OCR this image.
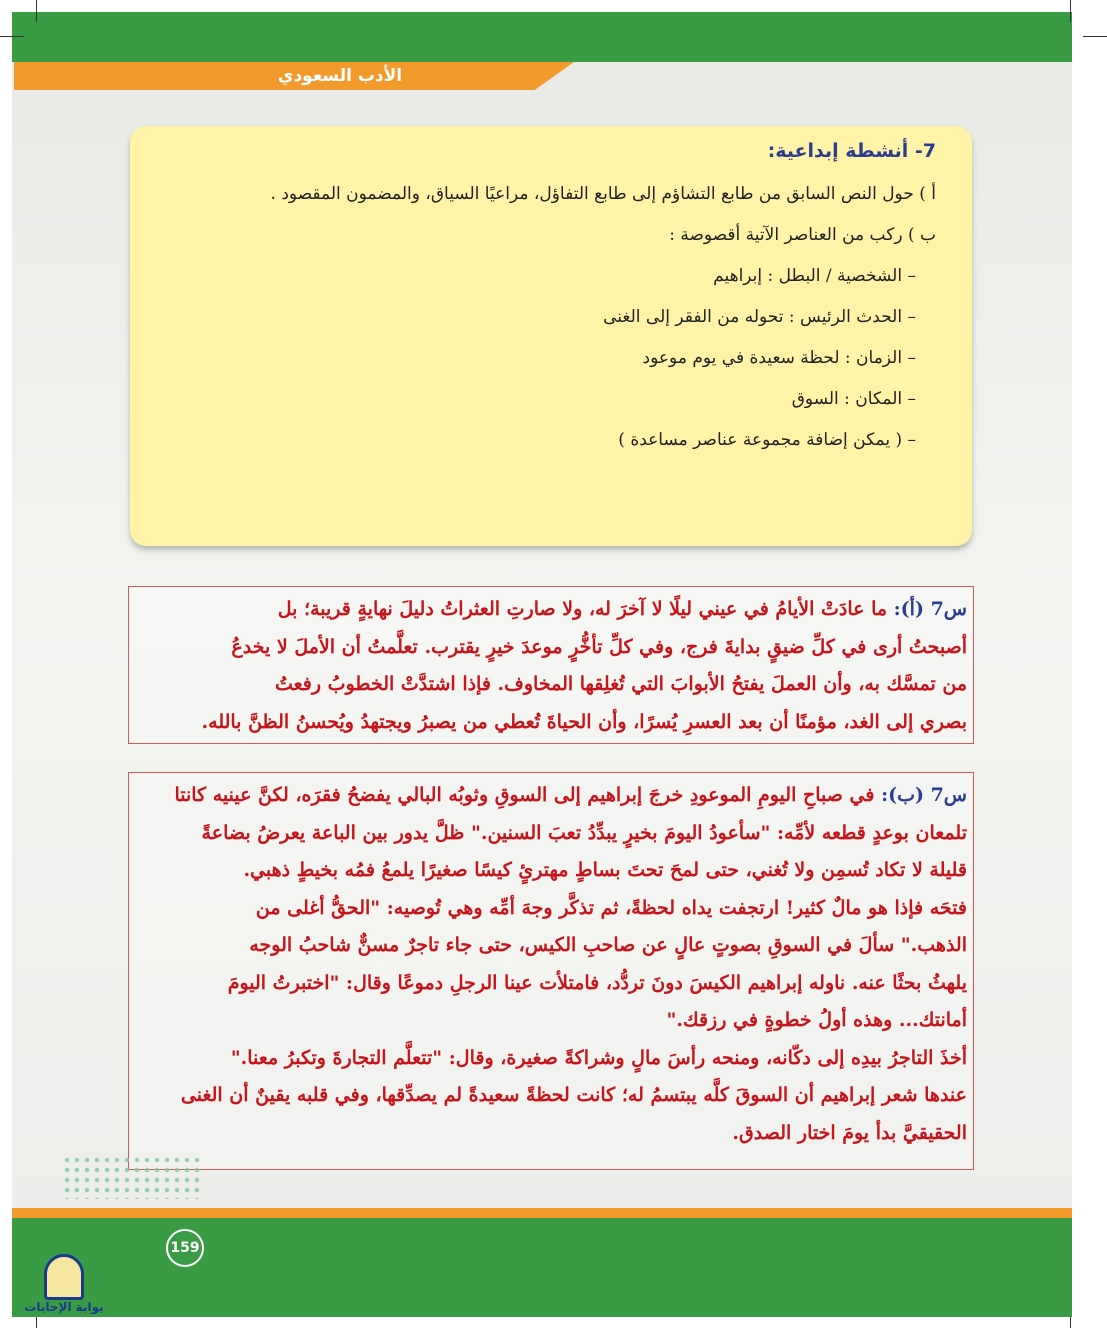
الأدب السعودي

7- أنشطة إبداعية:

أ ) حول النص السابق من طابع التشاؤم إلى طابع التفاؤل، مراعيًا السياق، والمضمون المقصود .

ب ) ركب من العناصر الآتية أقصوصة :

– الشخصية / البطل : إبراهيم

– الحدث الرئيس : تحوله من الفقر إلى الغنى

– الزمان : لحظة سعيدة في يوم موعود

– المكان : السوق

– ( يمكن إضافة مجموعة عناصر مساعدة )

س7 (أ): ما عادَتْ الأيامُ في عيني ليلًا لا آخرَ له، ولا صارتِ العثراتُ دليلَ نهايةٍ قريبة؛ بل

أصبحتُ أرى في كلِّ ضيقٍ بدايةَ فرج، وفي كلِّ تأخُّرٍ موعدَ خيرٍ يقترب. تعلَّمتُ أن الأملَ لا يخدعُ

من تمسَّك به، وأن العملَ يفتحُ الأبوابَ التي تُغلِقها المخاوف. فإذا اشتدَّتْ الخطوبُ رفعتُ

بصري إلى الغد، مؤمنًا أن بعد العسرِ يُسرًا، وأن الحياةَ تُعطي من يصبرُ ويجتهدُ ويُحسنُ الظنَّ بالله.

س7 (ب): في صباحِ اليومِ الموعودِ خرجَ إبراهيم إلى السوقِ وثوبُه البالي يفضحُ فقرَه، لكنَّ عينيه كانتا

تلمعان بوعدٍ قطعه لأمِّه: "سأعودُ اليومَ بخيرٍ يبدِّدُ تعبَ السنين." ظلَّ يدور بين الباعة يعرضُ بضاعةً

قليلة لا تكاد تُسمِن ولا تُغني، حتى لمحَ تحتَ بساطٍ مهترئٍ كيسًا صغيرًا يلمعُ فمُه بخيطٍ ذهبي.

فتحَه فإذا هو مالٌ كثير! ارتجفت يداه لحظةً، ثم تذكَّر وجهَ أمِّه وهي تُوصيه: "الحقُّ أغلى من

الذهب." سألَ في السوقِ بصوتٍ عالٍ عن صاحبِ الكيس، حتى جاء تاجرٌ مسنٌّ شاحبُ الوجه

يلهثُ بحثًا عنه. ناوله إبراهيم الكيسَ دونَ تردُّد، فامتلأت عينا الرجلِ دموعًا وقال: "اختبرتُ اليومَ

أمانتك... وهذه أولُ خطوةٍ في رزقك."

أخذَ التاجرُ بيدِه إلى دكّانه، ومنحه رأسَ مالٍ وشراكةً صغيرة، وقال: "تتعلَّم التجارةَ وتكبرُ معنا."

عندها شعر إبراهيم أن السوقَ كلَّه يبتسمُ له؛ كانت لحظةً سعيدةً لم يصدِّقها، وفي قلبه يقينٌ أن الغنى

الحقيقيَّ بدأ يومَ اختار الصدق.

159
بوابة الإجابات
